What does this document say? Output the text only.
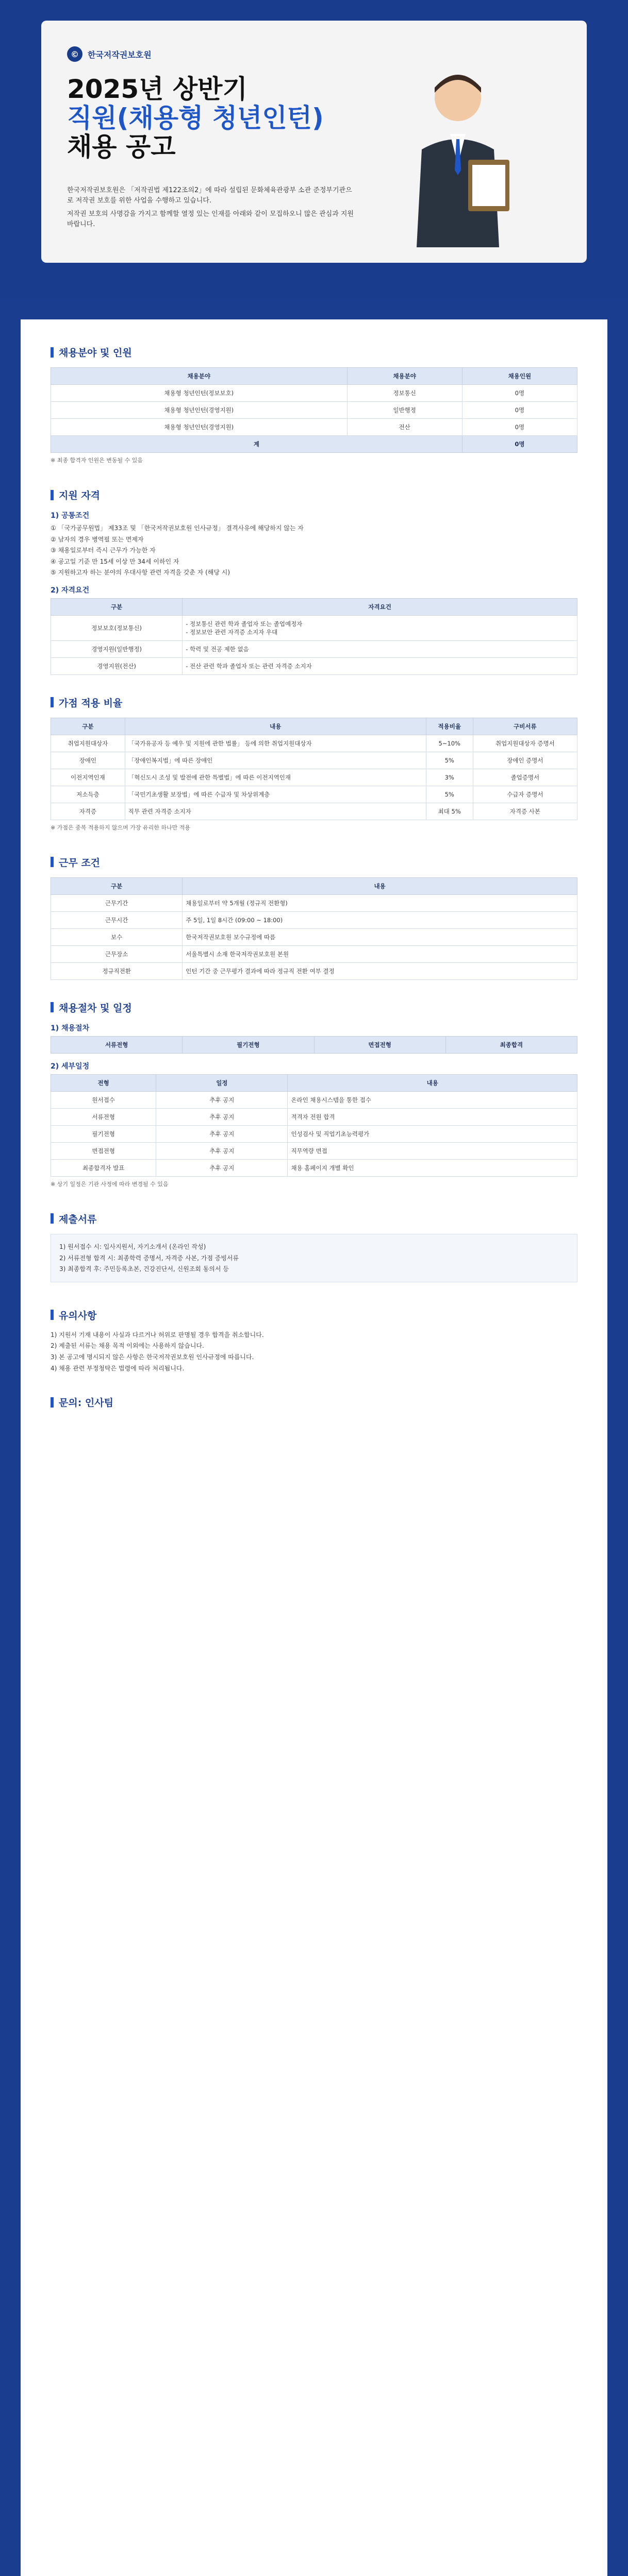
©	한국저작권보호원
2025년 상반기
직원(채용형 청년인턴)
채용 공고

한국저작권보호원은 「저작권법 제122조의2」에 따라 설립된 문화체육관광부 소관 준정부기관으로 저작권 보호를 위한 사업을 수행하고 있습니다.

저작권 보호의 사명감을 가지고 함께할 열정 있는 인재를 아래와 같이 모집하오니 많은 관심과 지원 바랍니다.

채용분야 및 인원
채용분야	채용분야	채용인원
채용형 청년인턴(정보보호)	정보통신	0명
채용형 청년인턴(경영지원)	일반행정	0명
채용형 청년인턴(경영지원)	전산	0명
계		0명
※ 최종 합격자 인원은 변동될 수 있음
지원 자격
1) 공통조건

① 「국가공무원법」 제33조 및 「한국저작권보호원 인사규정」 결격사유에 해당하지 않는 자

② 남자의 경우 병역필 또는 면제자

③ 채용일로부터 즉시 근무가 가능한 자

④ 공고일 기준 만 15세 이상 만 34세 이하인 자

⑤ 지원하고자 하는 분야의 우대사항 관련 자격을 갖춘 자 (해당 시)

2) 자격요건
구분	자격요건
정보보호(정보통신)	- 정보통신 관련 학과 졸업자 또는 졸업예정자
- 정보보안 관련 자격증 소지자 우대
경영지원(일반행정)	- 학력 및 전공 제한 없음
경영지원(전산)	- 전산 관련 학과 졸업자 또는 관련 자격증 소지자
가점 적용 비율
구분	내용	적용비율	구비서류
취업지원대상자	「국가유공자 등 예우 및 지원에 관한 법률」 등에 의한 취업지원대상자	5~10%	취업지원대상자 증명서
장애인	「장애인복지법」에 따른 장애인	5%	장애인 증명서
이전지역인재	「혁신도시 조성 및 발전에 관한 특별법」에 따른 이전지역인재	3%	졸업증명서
저소득층	「국민기초생활 보장법」에 따른 수급자 및 차상위계층	5%	수급자 증명서
자격증	직무 관련 자격증 소지자	최대 5%	자격증 사본
※ 가점은 중복 적용하지 않으며 가장 유리한 하나만 적용
근무 조건
구분	내용
근무기간	채용일로부터 약 5개월 (정규직 전환형)
근무시간	주 5일, 1일 8시간 (09:00 ~ 18:00)
보수	한국저작권보호원 보수규정에 따름
근무장소	서울특별시 소재 한국저작권보호원 본원
정규직전환	인턴 기간 중 근무평가 결과에 따라 정규직 전환 여부 결정
채용절차 및 일정
1) 채용절차
서류전형	필기전형	면접전형	최종합격
2) 세부일정
전형	일정	내용
원서접수	추후 공지	온라인 채용시스템을 통한 접수
서류전형	추후 공지	적격자 전원 합격
필기전형	추후 공지	인성검사 및 직업기초능력평가
면접전형	추후 공지	직무역량 면접
최종합격자 발표	추후 공지	채용 홈페이지 개별 확인
※ 상기 일정은 기관 사정에 따라 변경될 수 있음
제출서류

1) 원서접수 시: 입사지원서, 자기소개서 (온라인 작성)

2) 서류전형 합격 시: 최종학력 증명서, 자격증 사본, 가점 증빙서류

3) 최종합격 후: 주민등록초본, 건강진단서, 신원조회 동의서 등

유의사항

1) 지원서 기재 내용이 사실과 다르거나 허위로 판명될 경우 합격을 취소합니다.

2) 제출된 서류는 채용 목적 이외에는 사용하지 않습니다.

3) 본 공고에 명시되지 않은 사항은 한국저작권보호원 인사규정에 따릅니다.

4) 채용 관련 부정청탁은 법령에 따라 처리됩니다.

문의: 인사팀
